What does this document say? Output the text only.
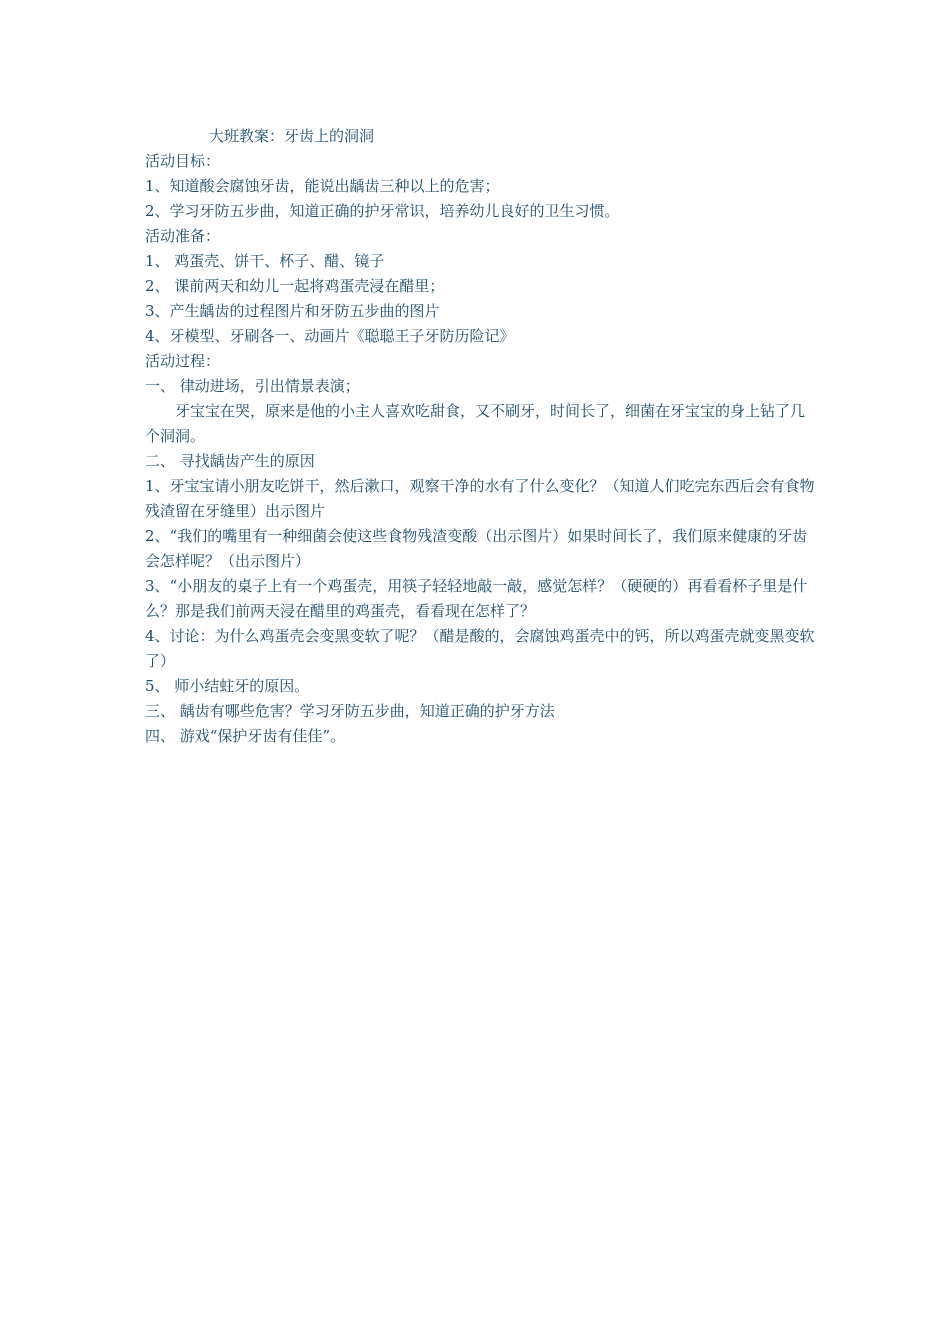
大班教案：牙齿上的洞洞

活动目标：

1、知道酸会腐蚀牙齿，能说出龋齿三种以上的危害；

2、学习牙防五步曲，知道正确的护牙常识，培养幼儿良好的卫生习惯。

活动准备：

1、 鸡蛋壳、饼干、杯子、醋、镜子

2、 课前两天和幼儿一起将鸡蛋壳浸在醋里；

3、产生龋齿的过程图片和牙防五步曲的图片

4、牙模型、牙刷各一、动画片《聪聪王子牙防历险记》

活动过程：

一、 律动进场，引出情景表演；

牙宝宝在哭，原来是他的小主人喜欢吃甜食，又不刷牙，时间长了，细菌在牙宝宝的身上钻了几个洞洞。

二、 寻找龋齿产生的原因

1、牙宝宝请小朋友吃饼干，然后漱口，观察干净的水有了什么变化？（知道人们吃完东西后会有食物残渣留在牙缝里）出示图片

2、“我们的嘴里有一种细菌会使这些食物残渣变酸（出示图片）如果时间长了，我们原来健康的牙齿会怎样呢？（出示图片）

3、“小朋友的桌子上有一个鸡蛋壳，用筷子轻轻地敲一敲，感觉怎样？（硬硬的）再看看杯子里是什么？那是我们前两天浸在醋里的鸡蛋壳，看看现在怎样了？

4、讨论：为什么鸡蛋壳会变黑变软了呢？（醋是酸的，会腐蚀鸡蛋壳中的钙，所以鸡蛋壳就变黑变软了）

5、 师小结蛀牙的原因。

三、 龋齿有哪些危害？学习牙防五步曲，知道正确的护牙方法

四、 游戏“保护牙齿有佳佳”。
